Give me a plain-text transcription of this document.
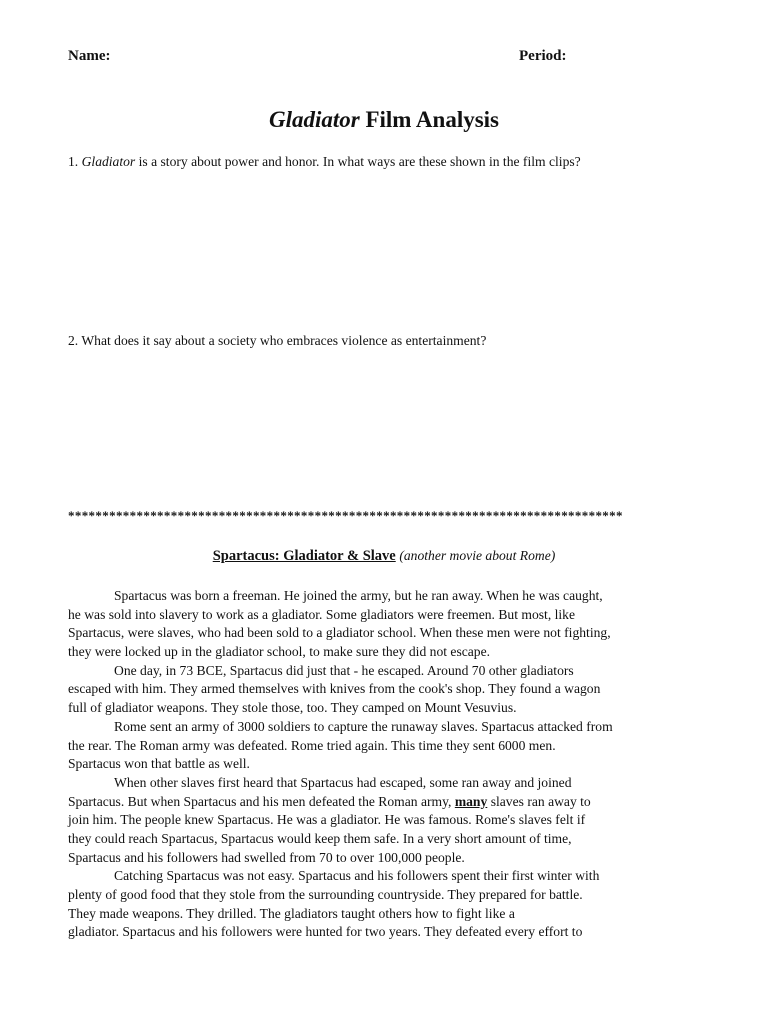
Name:	Period:
Gladiator Film Analysis
1. Gladiator is a story about power and honor. In what ways are these shown in the film clips?
2. What does it say about a society who embraces violence as entertainment?
*********************************************************************************
Spartacus: Gladiator & Slave (another movie about Rome)
Spartacus was born a freeman. He joined the army, but he ran away. When he was caught,
he was sold into slavery to work as a gladiator. Some gladiators were freemen. But most, like
Spartacus, were slaves, who had been sold to a gladiator school. When these men were not fighting,
they were locked up in the gladiator school, to make sure they did not escape.
One day, in 73 BCE, Spartacus did just that - he escaped. Around 70 other gladiators
escaped with him. They armed themselves with knives from the cook's shop. They found a wagon
full of gladiator weapons. They stole those, too. They camped on Mount Vesuvius.
Rome sent an army of 3000 soldiers to capture the runaway slaves. Spartacus attacked from
the rear. The Roman army was defeated. Rome tried again. This time they sent 6000 men.
Spartacus won that battle as well.
When other slaves first heard that Spartacus had escaped, some ran away and joined
Spartacus. But when Spartacus and his men defeated the Roman army, many slaves ran away to
join him. The people knew Spartacus. He was a gladiator. He was famous. Rome's slaves felt if
they could reach Spartacus, Spartacus would keep them safe. In a very short amount of time,
Spartacus and his followers had swelled from 70 to over 100,000 people.
Catching Spartacus was not easy. Spartacus and his followers spent their first winter with
plenty of good food that they stole from the surrounding countryside. They prepared for battle.
They made weapons. They drilled. The gladiators taught others how to fight like a
gladiator. Spartacus and his followers were hunted for two years. They defeated every effort to
